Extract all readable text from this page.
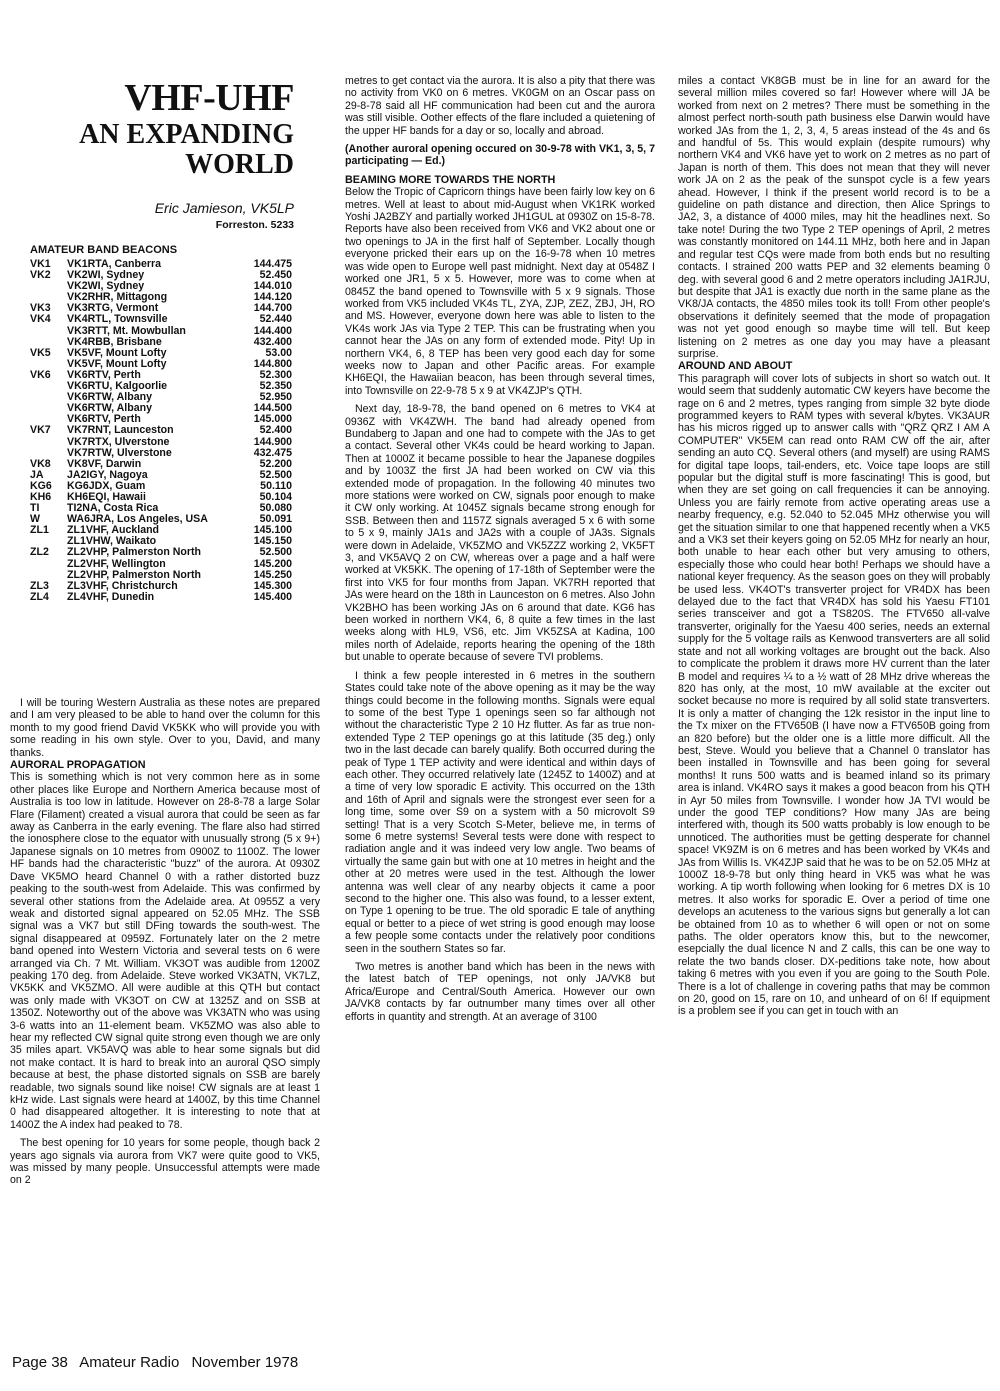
VHF-UHF
AN EXPANDING
WORLD
Eric Jamieson, VK5LP
Forreston. 5233
AMATEUR BAND BEACONS
VK1	VK1RTA, Canberra	144.475
VK2	VK2WI, Sydney	52.450
	VK2WI, Sydney	144.010
	VK2RHR, Mittagong	144.120
VK3	VK3RTG, Vermont	144.700
VK4	VK4RTL, Townsville	52.440
	VK3RTT, Mt. Mowbullan	144.400
	VK4RBB, Brisbane	432.400
VK5	VK5VF, Mount Lofty	53.00
	VK5VF, Mount Lofty	144.800
VK6	VK6RTV, Perth	52.300
	VK6RTU, Kalgoorlie	52.350
	VK6RTW, Albany	52.950
	VK6RTW, Albany	144.500
	VK6RTV, Perth	145.000
VK7	VK7RNT, Launceston	52.400
	VK7RTX, Ulverstone	144.900
	VK7RTW, Ulverstone	432.475
VK8	VK8VF, Darwin	52.200
JA	JA2IGY, Nagoya	52.500
KG6	KG6JDX, Guam	50.110
KH6	KH6EQI, Hawaii	50.104
TI	TI2NA, Costa Rica	50.080
W	WA6JRA, Los Angeles, USA	50.091
ZL1	ZL1VHF, Auckland	145.100
	ZL1VHW, Waikato	145.150
ZL2	ZL2VHP, Palmerston North	52.500
	ZL2VHF, Wellington	145.200
	ZL2VHP, Palmerston North	145.250
ZL3	ZL3VHF, Christchurch	145.300
ZL4	ZL4VHF, Dunedin	145.400

I will be touring Western Australia as these notes are prepared and I am very pleased to be able to hand over the column for this month to my good friend David VK5KK who will provide you with some reading in his own style. Over to you, David, and many thanks.

AURORAL PROPAGATION

This is something which is not very common here as in some other places like Europe and Northern America because most of Australia is too low in latitude. However on 28-8-78 a large Solar Flare (Filament) created a visual aurora that could be seen as far away as Canberra in the early evening. The flare also had stirred the ionosphere close to the equator with unusually strong (5 x 9+) Japanese signals on 10 metres from 0900Z to 1100Z. The lower HF bands had the characteristic "buzz" of the aurora. At 0930Z Dave VK5MO heard Channel 0 with a rather distorted buzz peaking to the south-west from Adelaide. This was confirmed by several other stations from the Adelaide area. At 0955Z a very weak and distorted signal appeared on 52.05 MHz. The SSB signal was a VK7 but still DFing towards the south-west. The signal disappeared at 0959Z. Fortunately later on the 2 metre band opened into Western Victoria and several tests on 6 were arranged via Ch. 7 Mt. William. VK3OT was audible from 1200Z peaking 170 deg. from Adelaide. Steve worked VK3ATN, VK7LZ, VK5KK and VK5ZMO. All were audible at this QTH but contact was only made with VK3OT on CW at 1325Z and on SSB at 1350Z. Noteworthy out of the above was VK3ATN who was using 3-6 watts into an 11-element beam. VK5ZMO was also able to hear my reflected CW signal quite strong even though we are only 35 miles apart. VK5AVQ was able to hear some signals but did not make contact. It is hard to break into an auroral QSO simply because at best, the phase distorted signals on SSB are barely readable, two signals sound like noise! CW signals are at least 1 kHz wide. Last signals were heard at 1400Z, by this time Channel 0 had disappeared altogether. It is interesting to note that at 1400Z the A index had peaked to 78.

The best opening for 10 years for some people, though back 2 years ago signals via aurora from VK7 were quite good to VK5, was missed by many people. Unsuccessful attempts were made on 2

metres to get contact via the aurora. It is also a pity that there was no activity from VK0 on 6 metres. VK0GM on an Oscar pass on 29-8-78 said all HF communication had been cut and the aurora was still visible. Oother effects of the flare included a quietening of the upper HF bands for a day or so, locally and abroad.

(Another auroral opening occured on 30-9-78 with VK1, 3, 5, 7 participating — Ed.)

BEAMING MORE TOWARDS THE NORTH

Below the Tropic of Capricorn things have been fairly low key on 6 metres. Well at least to about mid-August when VK1RK worked Yoshi JA2BZY and partially worked JH1GUL at 0930Z on 15-8-78. Reports have also been received from VK6 and VK2 about one or two openings to JA in the first half of September. Locally though everyone pricked their ears up on the 16-9-78 when 10 metres was wide open to Europe well past midnight. Next day at 0548Z I worked one JR1, 5 x 5. However, more was to come when at 0845Z the band opened to Townsville with 5 x 9 signals. Those worked from VK5 included VK4s TL, ZYA, ZJP, ZEZ, ZBJ, JH, RO and MS. However, everyone down here was able to listen to the VK4s work JAs via Type 2 TEP. This can be frustrating when you cannot hear the JAs on any form of extended mode. Pity! Up in northern VK4, 6, 8 TEP has been very good each day for some weeks now to Japan and other Pacific areas. For example KH6EQI, the Hawaiian beacon, has been through several times, into Townsville on 22-9-78 5 x 9 at VK4ZJP's QTH.

Next day, 18-9-78, the band opened on 6 metres to VK4 at 0936Z with VK4ZWH. The band had already opened from Bundaberg to Japan and one had to compete with the JAs to get a contact. Several other VK4s could be heard working to Japan. Then at 1000Z it became possible to hear the Japanese dogpiles and by 1003Z the first JA had been worked on CW via this extended mode of propagation. In the following 40 minutes two more stations were worked on CW, signals poor enough to make it CW only working. At 1045Z signals became strong enough for SSB. Between then and 1157Z signals averaged 5 x 6 with some to 5 x 9, mainly JA1s and JA2s with a couple of JA3s. Signals were down in Adelaide, VK5ZMO and VK5ZZZ working 2, VK5FT 3, and VK5AVQ 2 on CW, whereas over a page and a half were worked at VK5KK. The opening of 17-18th of September were the first into VK5 for four months from Japan. VK7RH reported that JAs were heard on the 18th in Launceston on 6 metres. Also John VK2BHO has been working JAs on 6 around that date. KG6 has been worked in northern VK4, 6, 8 quite a few times in the last weeks along with HL9, VS6, etc. Jim VK5ZSA at Kadina, 100 miles north of Adelaide, reports hearing the opening of the 18th but unable to operate because of severe TVI problems.

I think a few people interested in 6 metres in the southern States could take note of the above opening as it may be the way things could become in the following months. Signals were equal to some of the best Type 1 openings seen so far although not without the characteristic Type 2 10 Hz flutter. As far as true non-extended Type 2 TEP openings go at this latitude (35 deg.) only two in the last decade can barely qualify. Both occurred during the peak of Type 1 TEP activity and were identical and within days of each other. They occurred relatively late (1245Z to 1400Z) and at a time of very low sporadic E activity. This occurred on the 13th and 16th of April and signals were the strongest ever seen for a long time, some over S9 on a system with a 50 microvolt S9 setting! That is a very Scotch S-Meter, believe me, in terms of some 6 metre systems! Several tests were done with respect to radiation angle and it was indeed very low angle. Two beams of virtually the same gain but with one at 10 metres in height and the other at 20 metres were used in the test. Although the lower antenna was well clear of any nearby objects it came a poor second to the higher one. This also was found, to a lesser extent, on Type 1 opening to be true. The old sporadic E tale of anything equal or better to a piece of wet string is good enough may loose a few people some contacts under the relatively poor conditions seen in the southern States so far.

Two metres is another band which has been in the news with the latest batch of TEP openings, not only JA/VK8 but Africa/Europe and Central/South America. However our own JA/VK8 contacts by far outnumber many times over all other efforts in quantity and strength. At an average of 3100

miles a contact VK8GB must be in line for an award for the several million miles covered so far! However where will JA be worked from next on 2 metres? There must be something in the almost perfect north-south path business else Darwin would have worked JAs from the 1, 2, 3, 4, 5 areas instead of the 4s and 6s and handful of 5s. This would explain (despite rumours) why northern VK4 and VK6 have yet to work on 2 metres as no part of Japan is north of them. This does not mean that they will never work JA on 2 as the peak of the sunspot cycle is a few years ahead. However, I think if the present world record is to be a guideline on path distance and direction, then Alice Springs to JA2, 3, a distance of 4000 miles, may hit the headlines next. So take note! During the two Type 2 TEP openings of April, 2 metres was constantly monitored on 144.11 MHz, both here and in Japan and regular test CQs were made from both ends but no resulting contacts. I strained 200 watts PEP and 32 elements beaming 0 deg. with several good 6 and 2 metre operators including JA1RJU, but despite that JA1 is exactly due north in the same plane as the VK8/JA contacts, the 4850 miles took its toll! From other people's observations it definitely seemed that the mode of propagation was not yet good enough so maybe time will tell. But keep listening on 2 metres as one day you may have a pleasant surprise.

AROUND AND ABOUT

This paragraph will cover lots of subjects in short so watch out. It would seem that suddenly automatic CW keyers have become the rage on 6 and 2 metres, types ranging from simple 32 byte diode programmed keyers to RAM types with several k/bytes. VK3AUR has his micros rigged up to answer calls with "QRZ QRZ I AM A COMPUTER" VK5EM can read onto RAM CW off the air, after sending an auto CQ. Several others (and myself) are using RAMS for digital tape loops, tail-enders, etc. Voice tape loops are still popular but the digital stuff is more fascinating! This is good, but when they are set going on call frequencies it can be annoying. Unless you are fairly remote from active operating areas use a nearby frequency, e.g. 52.040 to 52.045 MHz otherwise you will get the situation similar to one that happened recently when a VK5 and a VK3 set their keyers going on 52.05 MHz for nearly an hour, both unable to hear each other but very amusing to others, especially those who could hear both! Perhaps we should have a national keyer frequency. As the season goes on they will probably be used less. VK4OT's transverter project for VR4DX has been delayed due to the fact that VR4DX has sold his Yaesu FT101 series transceiver and got a TS820S. The FTV650 all-valve transverter, originally for the Yaesu 400 series, needs an external supply for the 5 voltage rails as Kenwood transverters are all solid state and not all working voltages are brought out the back. Also to complicate the problem it draws more HV current than the later B model and requires ¼ to a ½ watt of 28 MHz drive whereas the 820 has only, at the most, 10 mW available at the exciter out socket because no more is required by all solid state transverters. It is only a matter of changing the 12k resistor in the input line to the Tx mixer on the FTV650B (I have now a FTV650B going from an 820 before) but the older one is a little more difficult. All the best, Steve. Would you believe that a Channel 0 translator has been installed in Townsville and has been going for several months! It runs 500 watts and is beamed inland so its primary area is inland. VK4RO says it makes a good beacon from his QTH in Ayr 50 miles from Townsville. I wonder how JA TVI would be under the good TEP conditions? How many JAs are being interfered with, though its 500 watts probably is low enough to be unnoticed. The authorities must be getting desperate for channel space! VK9ZM is on 6 metres and has been worked by VK4s and JAs from Willis Is. VK4ZJP said that he was to be on 52.05 MHz at 1000Z 18-9-78 but only thing heard in VK5 was what he was working. A tip worth following when looking for 6 metres DX is 10 metres. It also works for sporadic E. Over a period of time one develops an acuteness to the various signs but generally a lot can be obtained from 10 as to whether 6 will open or not on some paths. The older operators know this, but to the newcomer, esepcially the dual licence N and Z calls, this can be one way to relate the two bands closer. DX-peditions take note, how about taking 6 metres with you even if you are going to the South Pole. There is a lot of challenge in covering paths that may be common on 20, good on 15, rare on 10, and unheard of on 6! If equipment is a problem see if you can get in touch with an

Page 38 Amateur Radio November 1978
